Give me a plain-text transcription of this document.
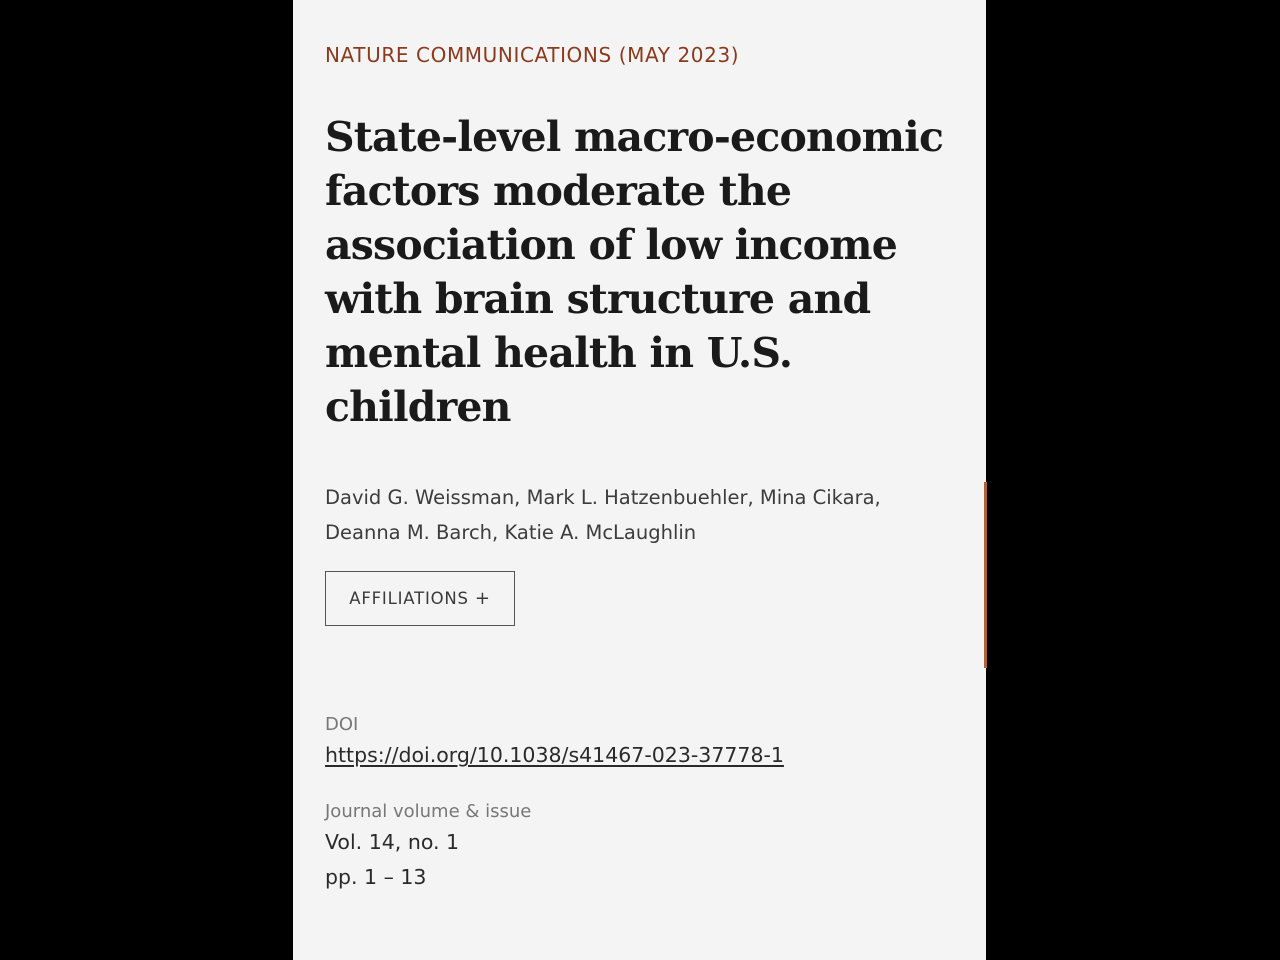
NATURE COMMUNICATIONS (MAY 2023)
State-level macro-economic
factors moderate the
association of low income
with brain structure and
mental health in U.S.
children
David G. Weissman, Mark L. Hatzenbuehler, Mina Cikara,
Deanna M. Barch, Katie A. McLaughlin
AFFILIATIONS +
DOI
https://doi.org/10.1038/s41467-023-37778-1
Journal volume & issue
Vol. 14, no. 1
pp. 1 – 13
